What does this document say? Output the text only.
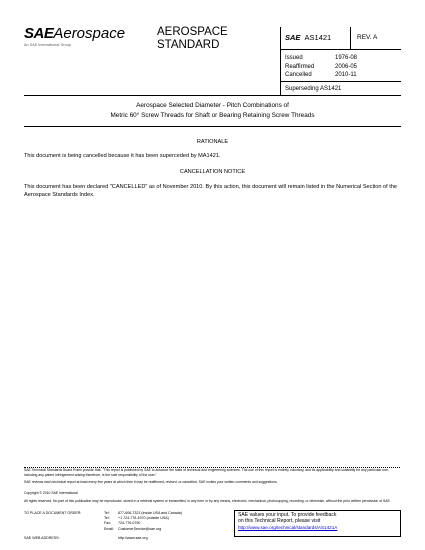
SAEAerospace
An SAE International Group
AEROSPACE
STANDARD
SAE AS1421	REV. A
Issued	1976-08
Reaffirmed	2006-05
Cancelled	2010-11
Superseding AS1421
Aerospace Selected Diameter - Pitch Combinations of
Metric 60° Screw Threads for Shaft or Bearing Retaining Screw Threads
RATIONALE
This document is being cancelled because it has been superceded by MA1421.
CANCELLATION NOTICE
This document has been declared "CANCELLED" as of November 2010. By this action, this document will remain listed in the Numerical Section of the Aerospace Standards Index.
SAE Technical Standards Board Rules provide that: "This report is published by SAE to advance the state of technical and engineering sciences. The use of this report is entirely voluntary, and its applicability and suitability for any particular use, including any patent infringement arising therefrom, is the sole responsibility of the user."
SAE reviews each technical report at least every five years at which time it may be reaffirmed, revised, or cancelled. SAE invites your written comments and suggestions.
Copyright © 2010 SAE International
All rights reserved. No part of this publication may be reproduced, stored in a retrieval system or transmitted, in any form or by any means, electronic, mechanical, photocopying, recording, or otherwise, without the prior written permission of SAE.
TO PLACE A DOCUMENT ORDER:	Tel:	877-606-7323 (inside USA and Canada)
Tel:	+1 724-776-4970 (outside USA)
Fax:	724-776-0790
Email:	CustomerService@sae.org
SAE WEB ADDRESS:	http://www.sae.org
SAE values your input. To provide feedback
on this Technical Report, please visit
http://www.sae.org/technical/standards/AS1421A
